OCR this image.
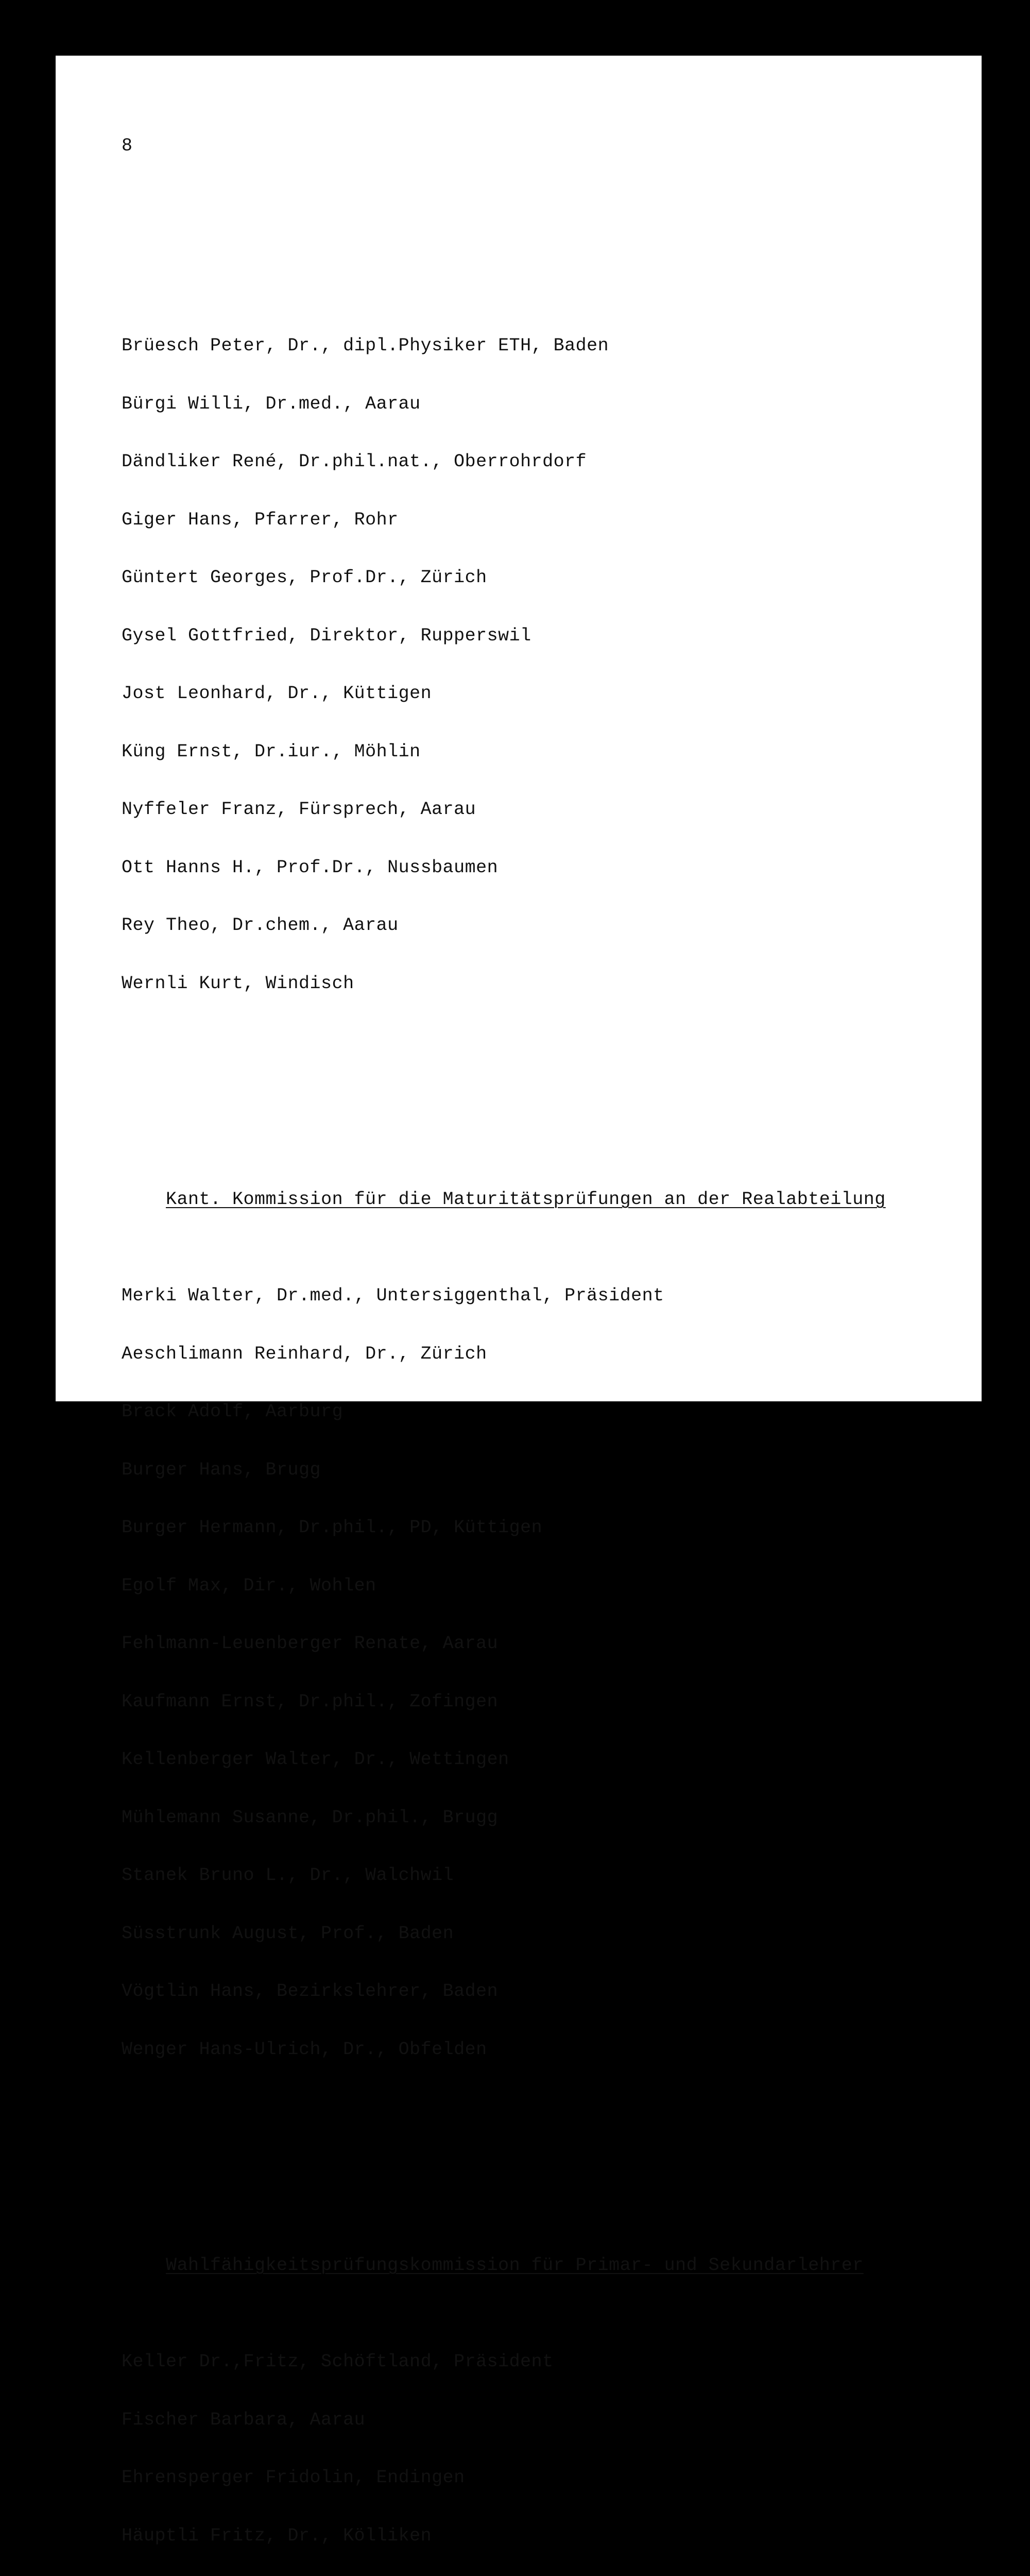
8

Brüesch Peter, Dr., dipl.Physiker ETH, Baden

Bürgi Willi, Dr.med., Aarau

Dändliker René, Dr.phil.nat., Oberrohrdorf

Giger Hans, Pfarrer, Rohr

Güntert Georges, Prof.Dr., Zürich

Gysel Gottfried, Direktor, Rupperswil

Jost Leonhard, Dr., Küttigen

Küng Ernst, Dr.iur., Möhlin

Nyffeler Franz, Fürsprech, Aarau

Ott Hanns H., Prof.Dr., Nussbaumen

Rey Theo, Dr.chem., Aarau

Wernli Kurt, Windisch

Kant. Kommission für die Maturitätsprüfungen an der Realabteilung

Merki Walter, Dr.med., Untersiggenthal, Präsident

Aeschlimann Reinhard, Dr., Zürich

Brack Adolf, Aarburg

Burger Hans, Brugg

Burger Hermann, Dr.phil., PD, Küttigen

Egolf Max, Dir., Wohlen

Fehlmann-Leuenberger Renate, Aarau

Kaufmann Ernst, Dr.phil., Zofingen

Kellenberger Walter, Dr., Wettingen

Mühlemann Susanne, Dr.phil., Brugg

Stanek Bruno L., Dr., Walchwil

Süsstrunk August, Prof., Baden

Vögtlin Hans, Bezirkslehrer, Baden

Wenger Hans-Ulrich, Dr., Obfelden

Wahlfähigkeitsprüfungskommission für Primar- und Sekundarlehrer

Keller Dr.,Fritz, Schöftland, Präsident

Fischer Barbara, Aarau

Ehrensperger Fridolin, Endingen

Häuptli Fritz, Dr., Kölliken
